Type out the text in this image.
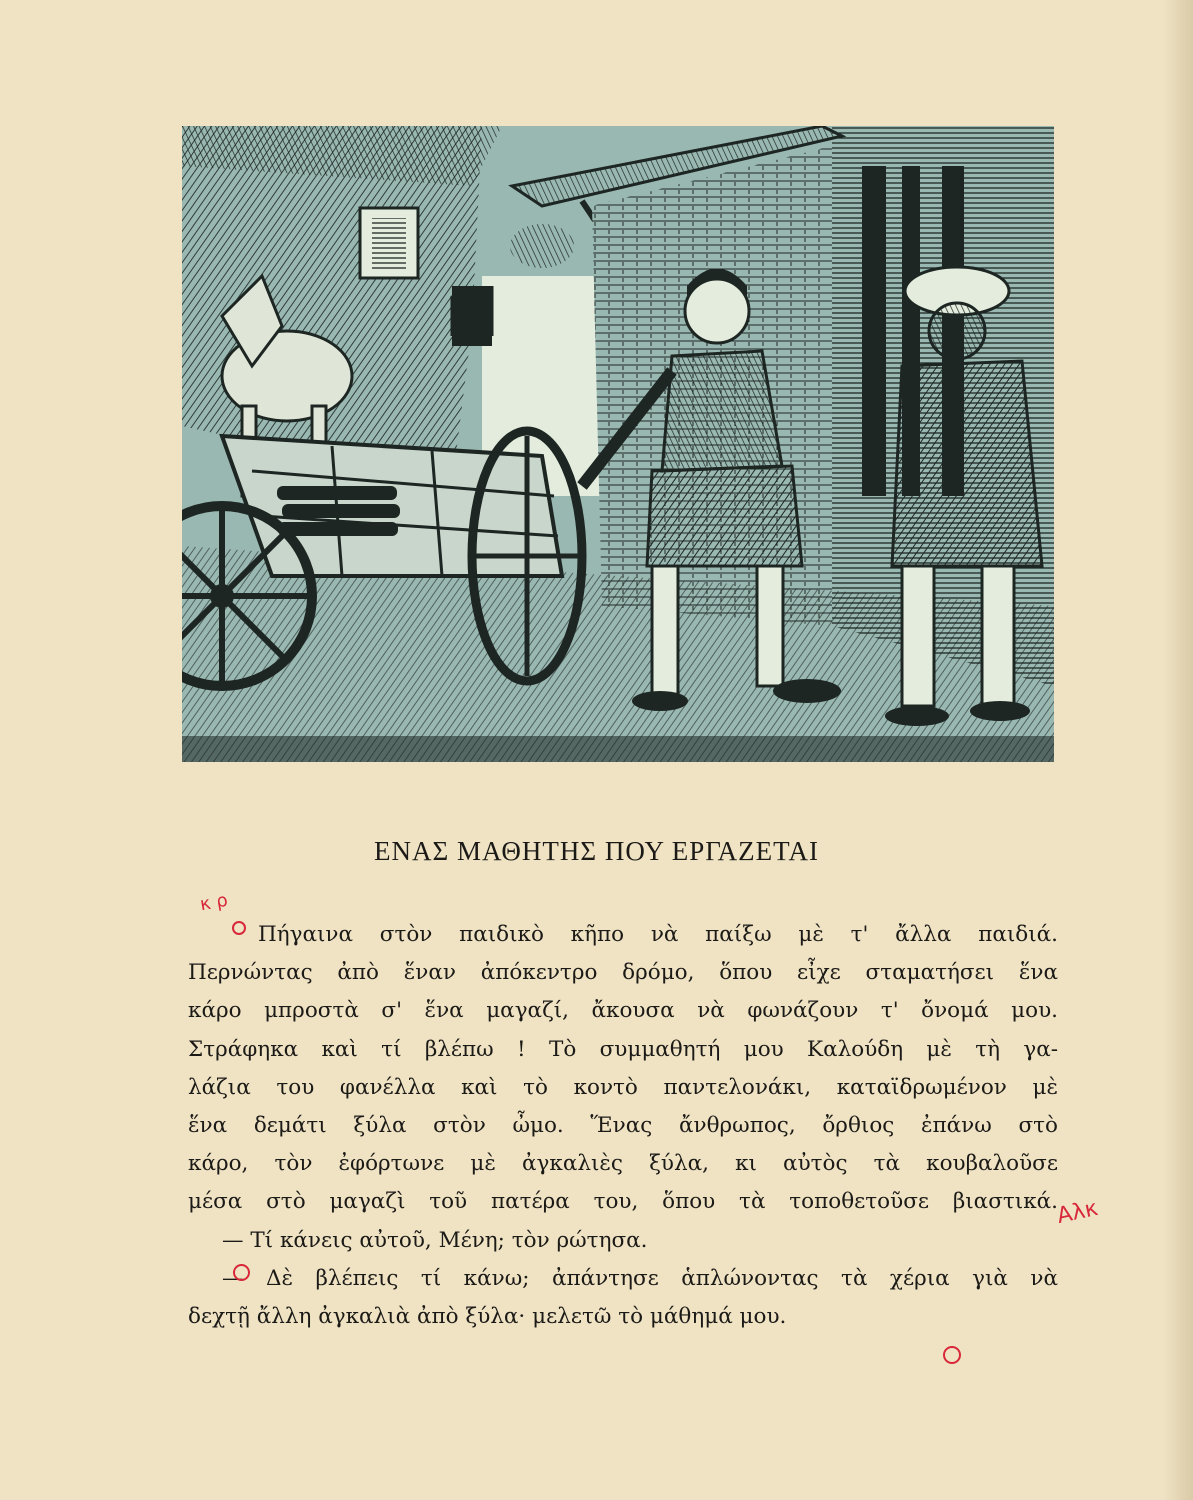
ΕΝΑΣ ΜΑΘΗΤΗΣ ΠΟΥ ΕΡΓΑΖΕΤΑΙ
Πήγαινα στὸν παιδικὸ κῆπο νὰ παίξω μὲ τ' ἄλλα παιδιά.
Περνώντας ἀπὸ ἕναν ἀπόκεντρο δρόμο, ὅπου εἶχε σταματήσει ἕνα
κάρο μπροστὰ σ' ἕνα μαγαζί, ἄκουσα νὰ φωνάζουν τ' ὄνομά μου.
Στράφηκα καὶ τί βλέπω ! Τὸ συμμαθητή μου Καλούδη μὲ τὴ γα-
λάζια του φανέλλα καὶ τὸ κοντὸ παντελονάκι, καταϊδρωμένον μὲ
ἕνα δεμάτι ξύλα στὸν ὦμο. Ἕνας ἄνθρωπος, ὄρθιος ἐπάνω στὸ
κάρο, τὸν ἐφόρτωνε μὲ ἀγκαλιὲς ξύλα, κι αὐτὸς τὰ κουβαλοῦσε
μέσα στὸ μαγαζὶ τοῦ πατέρα του, ὅπου τὰ τοποθετοῦσε βιαστικά.
— Τί κάνεις αὐτοῦ, Μένη; τὸν ρώτησα.
— Δὲ βλέπεις τί κάνω; ἀπάντησε ἁπλώνοντας τὰ χέρια γιὰ νὰ
δεχτῇ ἄλλη ἀγκαλιὰ ἀπὸ ξύλα· μελετῶ τὸ μάθημά μου.
κ ρ
Αλκ
